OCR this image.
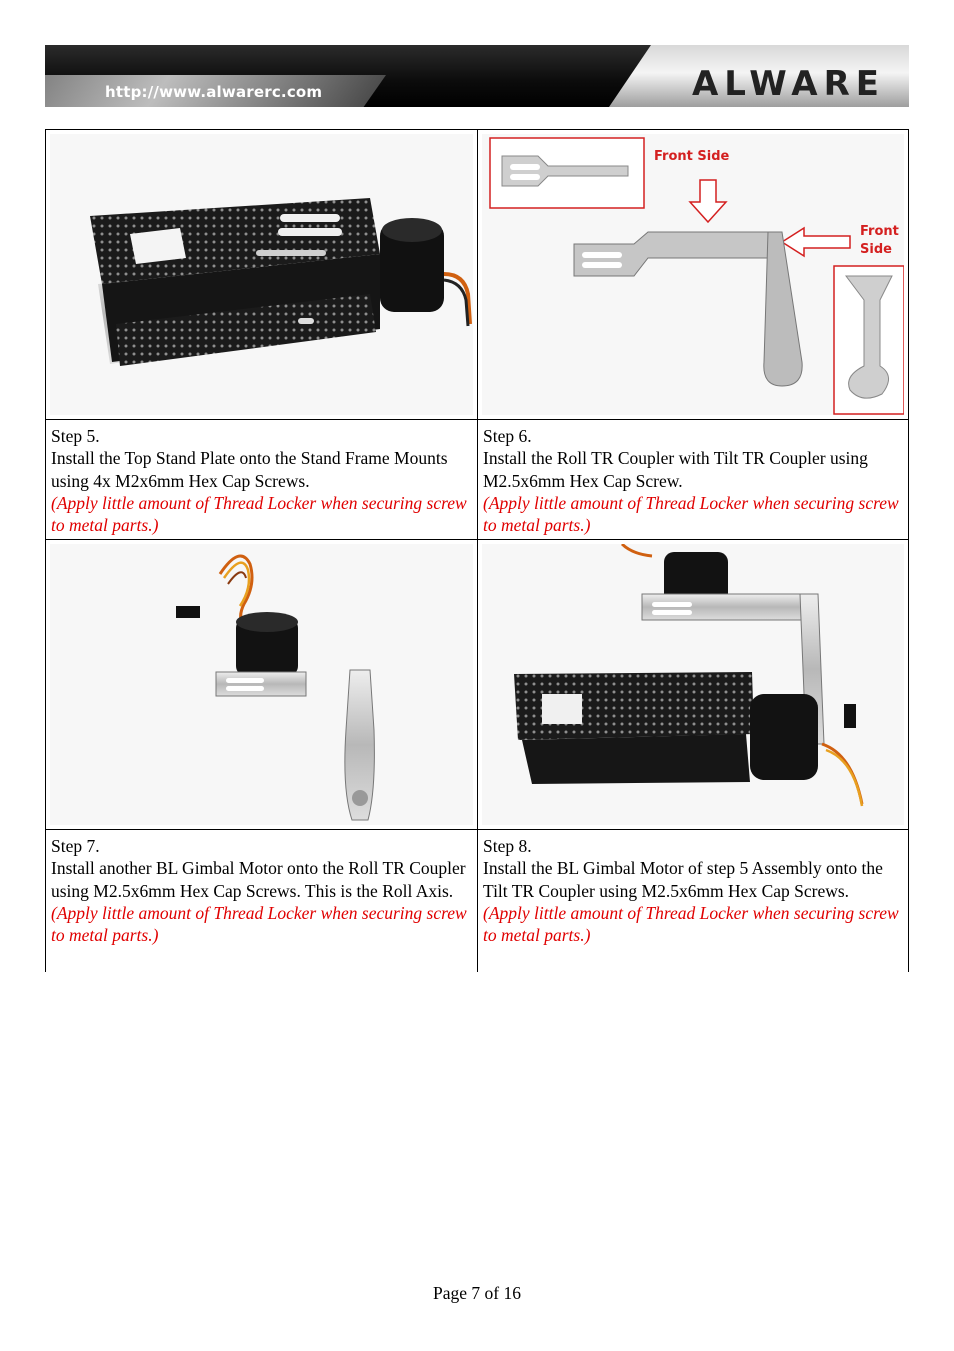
http://www.alwarerc.com	ALWARE
Front Side
Front
Side
Step 5.
Install the Top Stand Plate onto the Stand Frame Mounts using 4x M2x6mm Hex Cap Screws.
(Apply little amount of Thread Locker when securing screw to metal parts.)
Step 6.
Install the Roll TR Coupler with Tilt TR Coupler using M2.5x6mm Hex Cap Screw.
(Apply little amount of Thread Locker when securing screw to metal parts.)
Step 7.
Install another BL Gimbal Motor onto the Roll TR Coupler using M2.5x6mm Hex Cap Screws. This is the Roll Axis.
(Apply little amount of Thread Locker when securing screw to metal parts.)
Step 8.
Install the BL Gimbal Motor of step 5 Assembly onto the Tilt TR Coupler using M2.5x6mm Hex Cap Screws.
(Apply little amount of Thread Locker when securing screw to metal parts.)
Page 7 of 16
